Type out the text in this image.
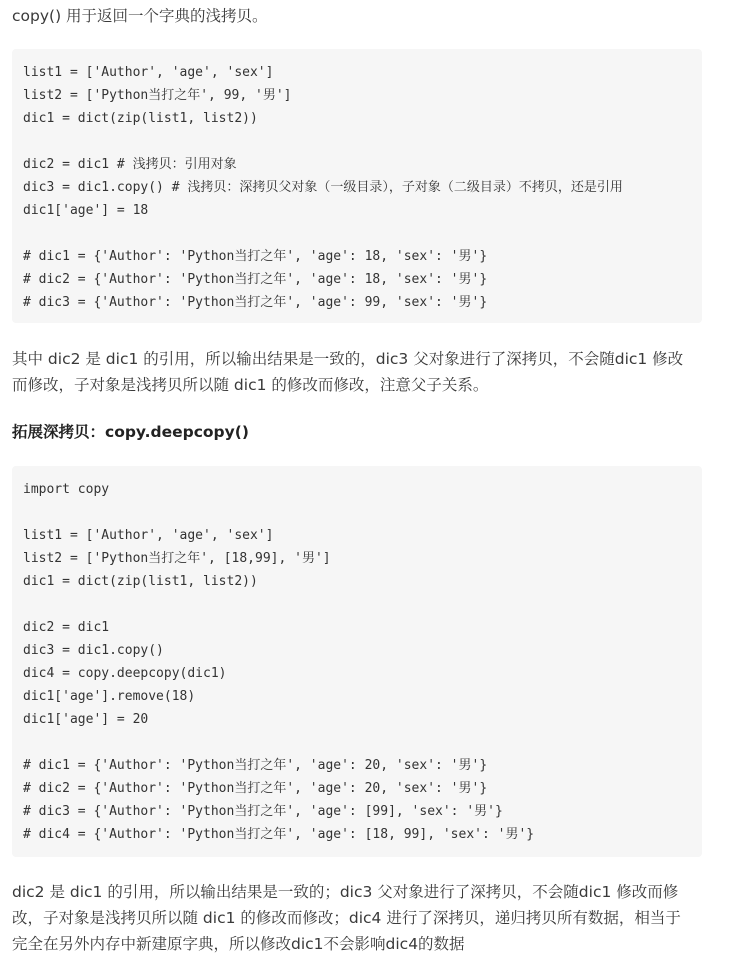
copy() 用于返回一个字典的浅拷贝。

list1 = ['Author', 'age', 'sex']
list2 = ['Python当打之年', 99, '男']
dic1 = dict(zip(list1, list2))
dic2 = dic1 # 浅拷贝：引用对象
dic3 = dic1.copy() # 浅拷贝：深拷贝父对象（一级目录），子对象（二级目录）不拷贝，还是引用
dic1['age'] = 18
# dic1 = {'Author': 'Python当打之年', 'age': 18, 'sex': '男'}
# dic2 = {'Author': 'Python当打之年', 'age': 18, 'sex': '男'}
# dic3 = {'Author': 'Python当打之年', 'age': 99, 'sex': '男'}
其中 dic2 是 dic1 的引用，所以输出结果是一致的，dic3 父对象进行了深拷贝，不会随dic1 修改
而修改，子对象是浅拷贝所以随 dic1 的修改而修改，注意父子关系。

拓展深拷贝：copy.deepcopy()

import copy
list1 = ['Author', 'age', 'sex']
list2 = ['Python当打之年', [18,99], '男']
dic1 = dict(zip(list1, list2))
dic2 = dic1
dic3 = dic1.copy()
dic4 = copy.deepcopy(dic1)
dic1['age'].remove(18)
dic1['age'] = 20
# dic1 = {'Author': 'Python当打之年', 'age': 20, 'sex': '男'}
# dic2 = {'Author': 'Python当打之年', 'age': 20, 'sex': '男'}
# dic3 = {'Author': 'Python当打之年', 'age': [99], 'sex': '男'}
# dic4 = {'Author': 'Python当打之年', 'age': [18, 99], 'sex': '男'}
dic2 是 dic1 的引用，所以输出结果是一致的；dic3 父对象进行了深拷贝，不会随dic1 修改而修
改，子对象是浅拷贝所以随 dic1 的修改而修改；dic4 进行了深拷贝，递归拷贝所有数据，相当于
完全在另外内存中新建原字典，所以修改dic1不会影响dic4的数据
